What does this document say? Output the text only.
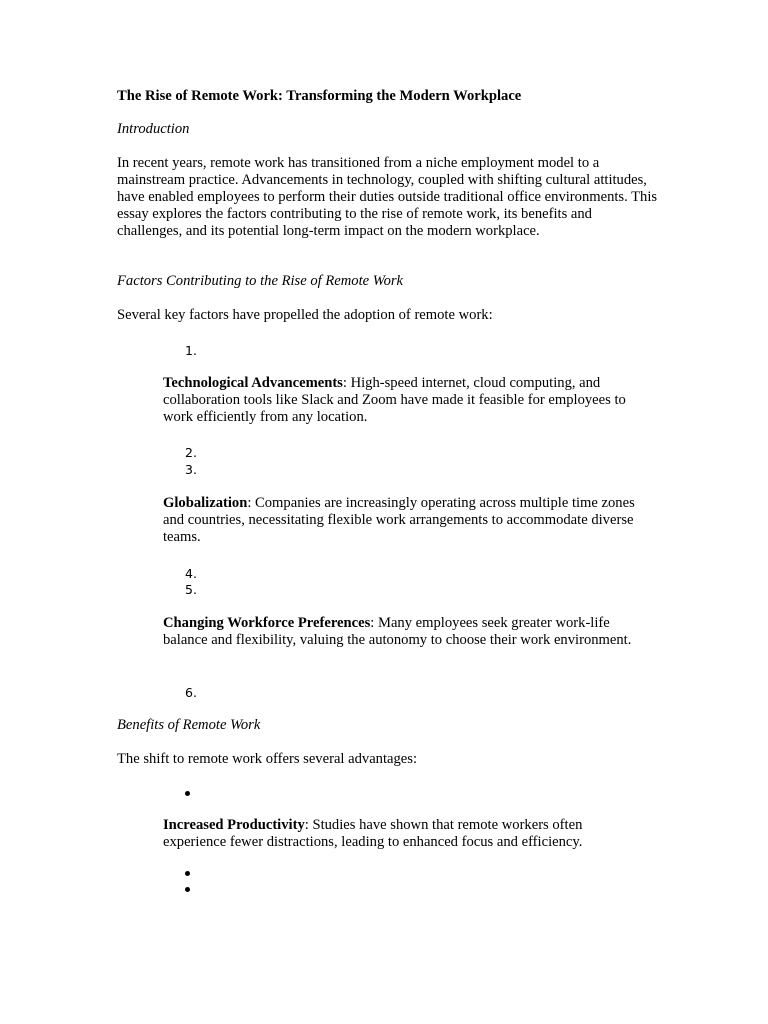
The Rise of Remote Work: Transforming the Modern Workplace

Introduction

In recent years, remote work has transitioned from a niche employment model to a mainstream practice. Advancements in technology, coupled with shifting cultural attitudes, have enabled employees to perform their duties outside traditional office environments. This essay explores the factors contributing to the rise of remote work, its benefits and challenges, and its potential long-term impact on the modern workplace.

Factors Contributing to the Rise of Remote Work

Several key factors have propelled the adoption of remote work:

1.

Technological Advancements: High-speed internet, cloud computing, and collaboration tools like Slack and Zoom have made it feasible for employees to work efficiently from any location.

2.
3.

Globalization: Companies are increasingly operating across multiple time zones and countries, necessitating flexible work arrangements to accommodate diverse teams.

4.
5.

Changing Workforce Preferences: Many employees seek greater work-life balance and flexibility, valuing the autonomy to choose their work environment.

6.

Benefits of Remote Work

The shift to remote work offers several advantages:

Increased Productivity: Studies have shown that remote workers often experience fewer distractions, leading to enhanced focus and efficiency.
